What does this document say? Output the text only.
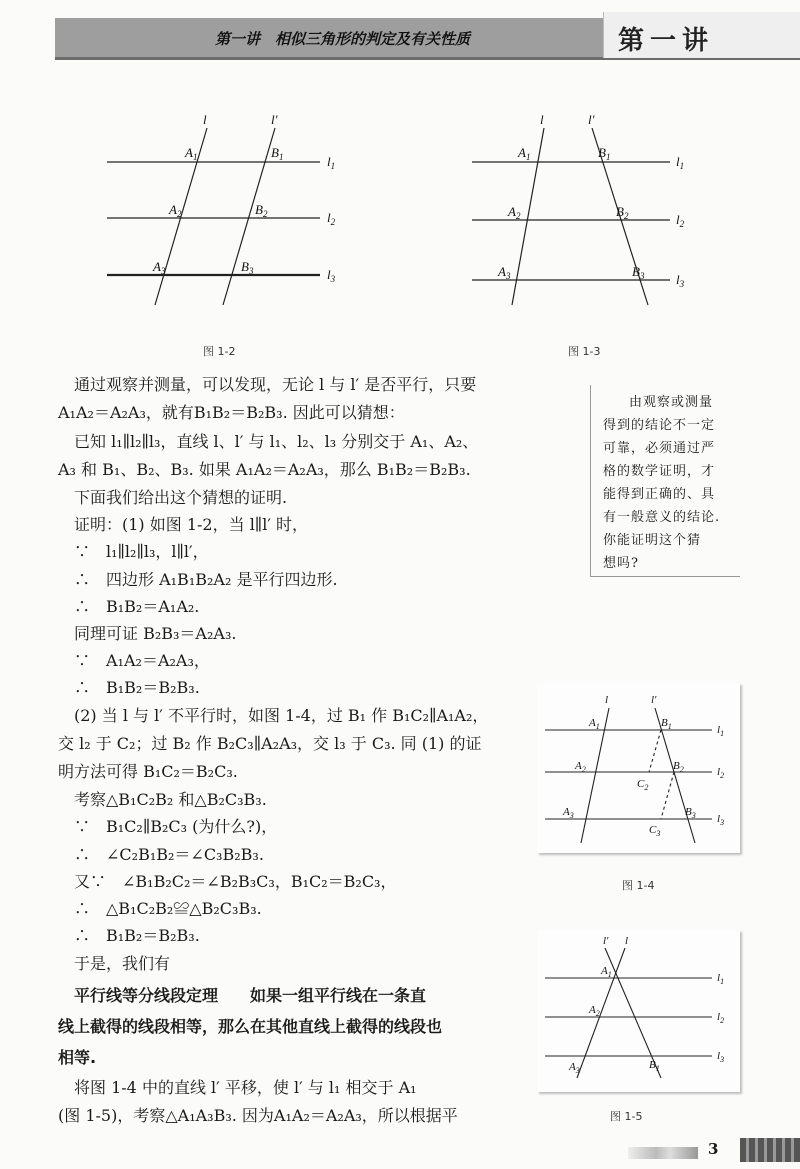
第一讲　相似三角形的判定及有关性质	第一讲
l	l′
$A_1$
$A_2$
$A_3$
$B_1$
$B_2$
$B_3$
$l_1$
$l_2$
$l_3$
图 1-2
l	l′
$A_1$
$A_2$
$A_3$
$B_1$
$B_2$
$B_3$
$l_1$
$l_2$
$l_3$
图 1-3

由观察或测量

得到的结论不一定

可靠，必须通过严

格的数学证明，才

能得到正确的、具

有一般意义的结论.

你能证明这个猜

想吗?

　通过观察并测量，可以发现，无论 l 与 l′ 是否平行，只要
A₁A₂＝A₂A₃，就有B₁B₂＝B₂B₃. 因此可以猜想：
　已知 l₁∥l₂∥l₃，直线 l、l′ 与 l₁、l₂、l₃ 分别交于 A₁、A₂、
A₃ 和 B₁、B₂、B₃. 如果 A₁A₂＝A₂A₃，那么 B₁B₂＝B₂B₃.
　下面我们给出这个猜想的证明.
　证明：(1) 如图 1-2，当 l∥l′ 时，
　∵　l₁∥l₂∥l₃，l∥l′，
　∴　四边形 A₁B₁B₂A₂ 是平行四边形.
　∴　B₁B₂＝A₁A₂.
　同理可证 B₂B₃＝A₂A₃.
　∵　A₁A₂＝A₂A₃，
　∴　B₁B₂＝B₂B₃.
　(2) 当 l 与 l′ 不平行时，如图 1-4，过 B₁ 作 B₁C₂∥A₁A₂，
交 l₂ 于 C₂；过 B₂ 作 B₂C₃∥A₂A₃，交 l₃ 于 C₃. 同 (1) 的证
明方法可得 B₁C₂＝B₂C₃.
　考察△B₁C₂B₂ 和△B₂C₃B₃.
　∵　B₁C₂∥B₂C₃ (为什么?)，
　∴　∠C₂B₁B₂＝∠C₃B₂B₃.
　又∵　∠B₁B₂C₂＝∠B₂B₃C₃，B₁C₂＝B₂C₃，
　∴　△B₁C₂B₂≌△B₂C₃B₃.
　∴　B₁B₂＝B₂B₃.
　于是，我们有
　平行线等分线段定理　　如果一组平行线在一条直
线上截得的线段相等，那么在其他直线上截得的线段也
相等.
　将图 1-4 中的直线 l′ 平移，使 l′ 与 l₁ 相交于 A₁
(图 1-5)，考察△A₁A₃B₃. 因为A₁A₂＝A₂A₃，所以根据平
l	l′
$A_1$
$A_2$
$A_3$
$B_1$
$B_2$
$B_3$
$C_2$
$C_3$
$l_1$
$l_2$
$l_3$
图 1-4
l
l′
$A_1$
$A_2$
$A_3$	$B_1$
$l_1$
$l_2$
$l_3$
图 1-5
3
